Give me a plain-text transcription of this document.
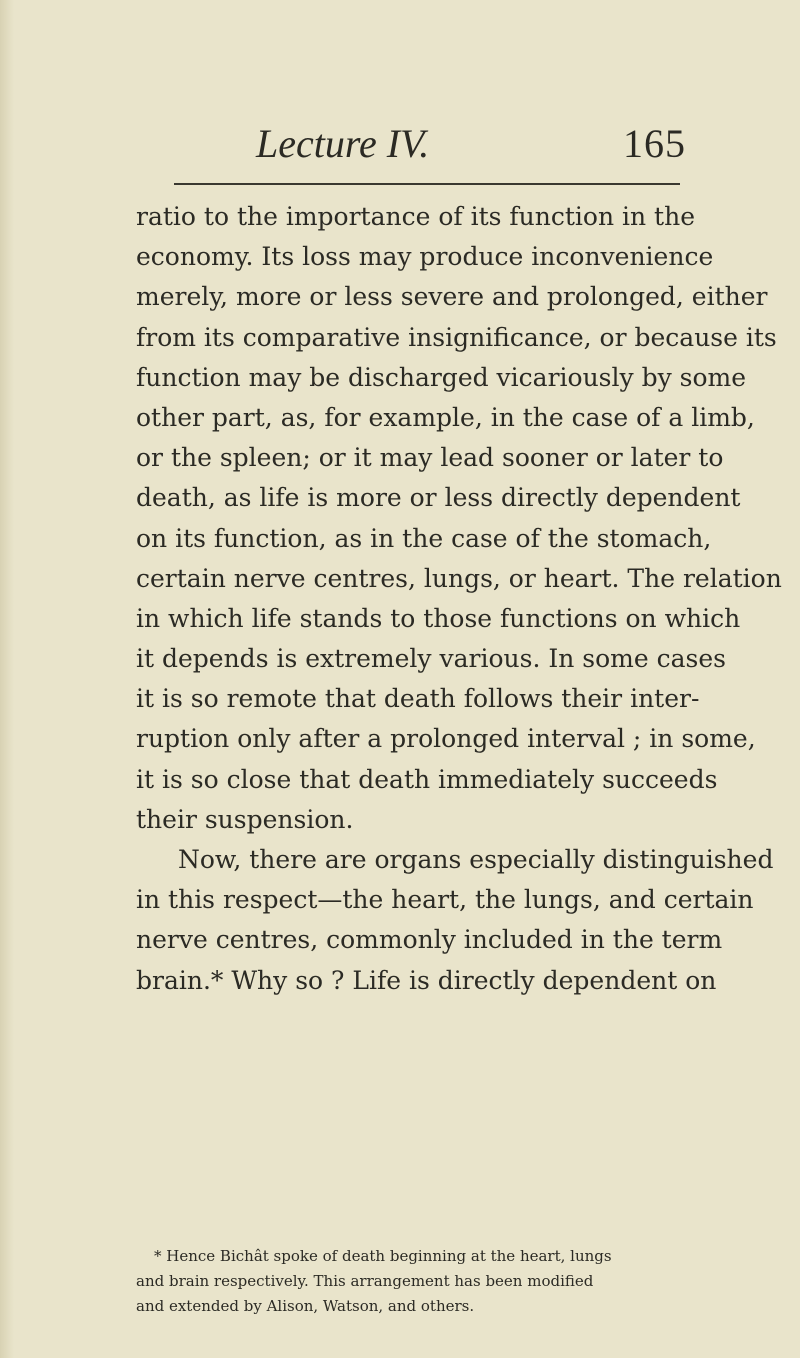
Lecture IV.	165
ratio to the importance of its function in the
economy. Its loss may produce inconvenience
merely, more or less severe and prolonged, either
from its comparative insignificance, or because its
function may be discharged vicariously by some
other part, as, for example, in the case of a limb,
or the spleen; or it may lead sooner or later to
death, as life is more or less directly dependent
on its function, as in the case of the stomach,
certain nerve centres, lungs, or heart. The relation
in which life stands to those functions on which
it depends is extremely various. In some cases
it is so remote that death follows their inter-
ruption only after a prolonged interval ; in some,
it is so close that death immediately succeeds
their suspension.
Now, there are organs especially distinguished
in this respect—the heart, the lungs, and certain
nerve centres, commonly included in the term
brain.* Why so ? Life is directly dependent on
* Hence Bichât spoke of death beginning at the heart, lungs
and brain respectively. This arrangement has been modified
and extended by Alison, Watson, and others.
